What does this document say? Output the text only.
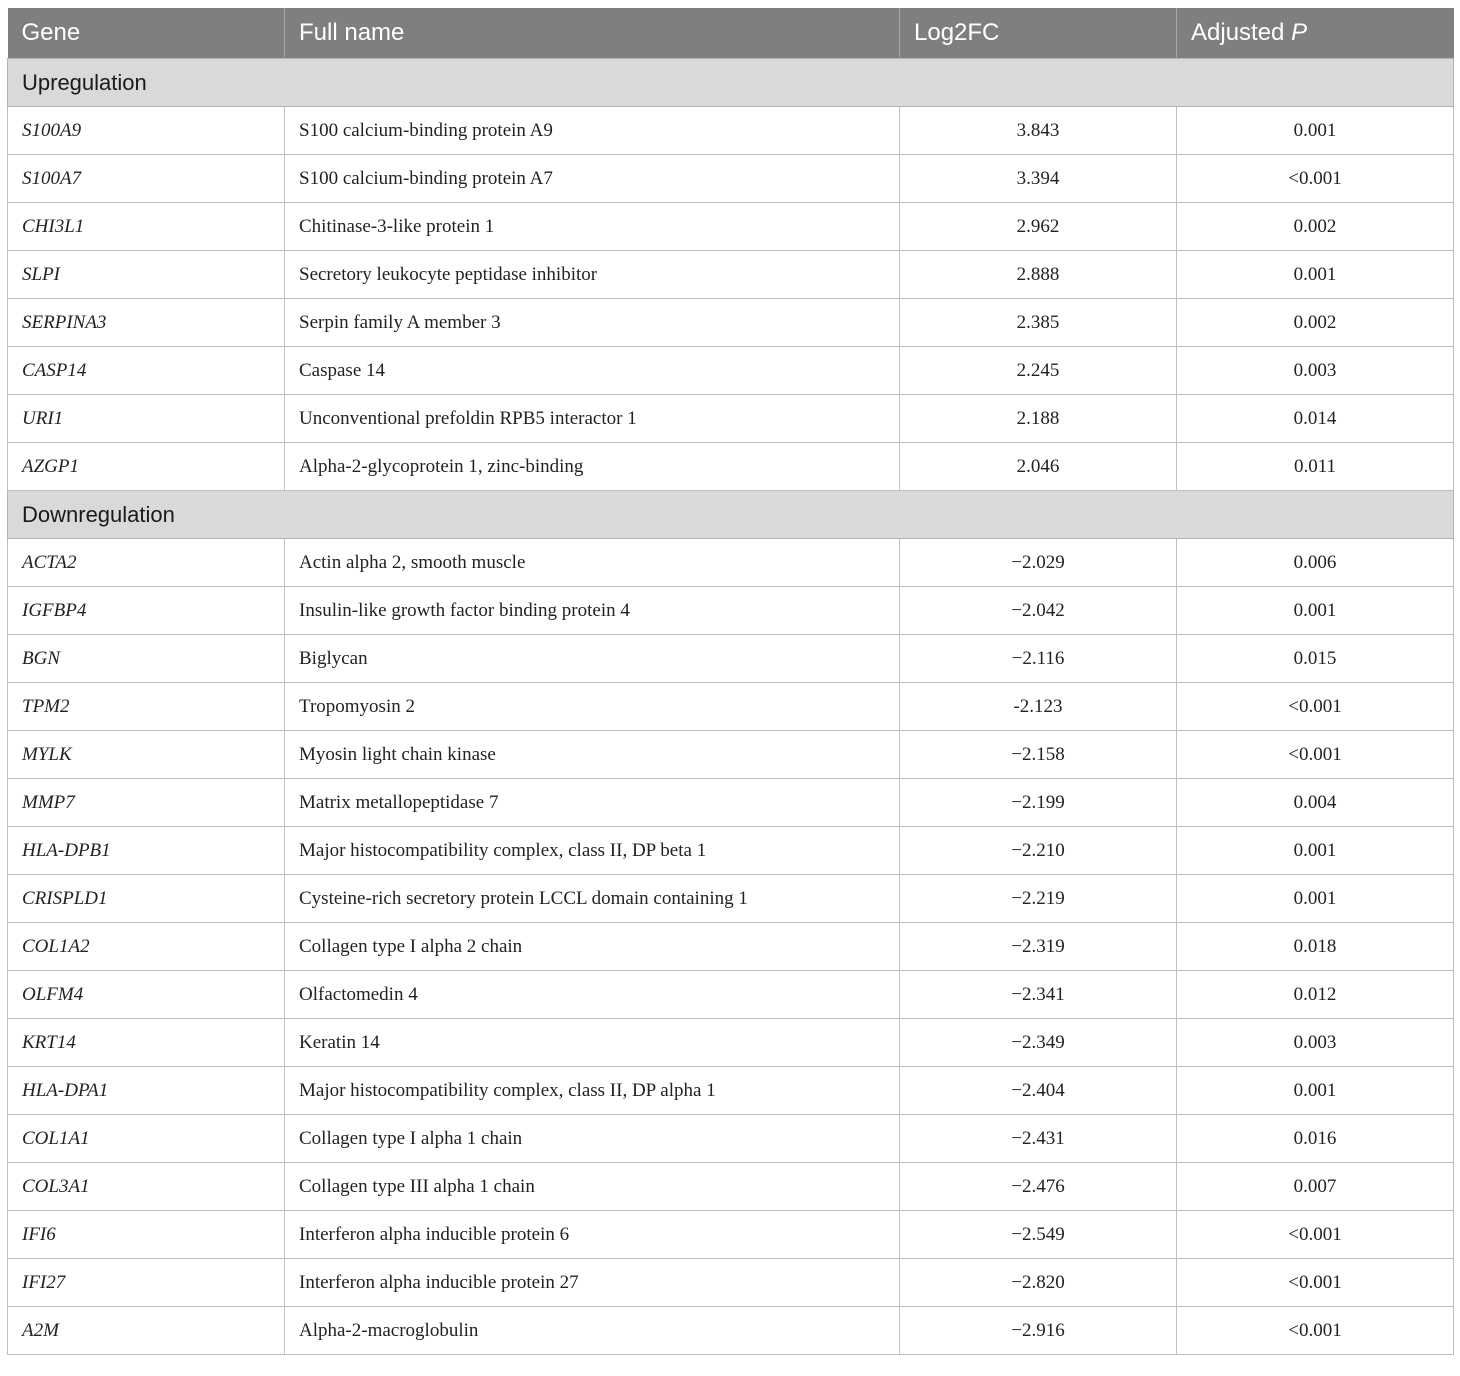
Gene	Full name	Log2FC	Adjusted P
Upregulation			
S100A9	S100 calcium-binding protein A9	3.843	0.001
S100A7	S100 calcium-binding protein A7	3.394	<0.001
CHI3L1	Chitinase-3-like protein 1	2.962	0.002
SLPI	Secretory leukocyte peptidase inhibitor	2.888	0.001
SERPINA3	Serpin family A member 3	2.385	0.002
CASP14	Caspase 14	2.245	0.003
URI1	Unconventional prefoldin RPB5 interactor 1	2.188	0.014
AZGP1	Alpha-2-glycoprotein 1, zinc-binding	2.046	0.011
Downregulation			
ACTA2	Actin alpha 2, smooth muscle	−2.029	0.006
IGFBP4	Insulin-like growth factor binding protein 4	−2.042	0.001
BGN	Biglycan	−2.116	0.015
TPM2	Tropomyosin 2	-2.123	<0.001
MYLK	Myosin light chain kinase	−2.158	<0.001
MMP7	Matrix metallopeptidase 7	−2.199	0.004
HLA-DPB1	Major histocompatibility complex, class II, DP beta 1	−2.210	0.001
CRISPLD1	Cysteine-rich secretory protein LCCL domain containing 1	−2.219	0.001
COL1A2	Collagen type I alpha 2 chain	−2.319	0.018
OLFM4	Olfactomedin 4	−2.341	0.012
KRT14	Keratin 14	−2.349	0.003
HLA-DPA1	Major histocompatibility complex, class II, DP alpha 1	−2.404	0.001
COL1A1	Collagen type I alpha 1 chain	−2.431	0.016
COL3A1	Collagen type III alpha 1 chain	−2.476	0.007
IFI6	Interferon alpha inducible protein 6	−2.549	<0.001
IFI27	Interferon alpha inducible protein 27	−2.820	<0.001
A2M	Alpha-2-macroglobulin	−2.916	<0.001
